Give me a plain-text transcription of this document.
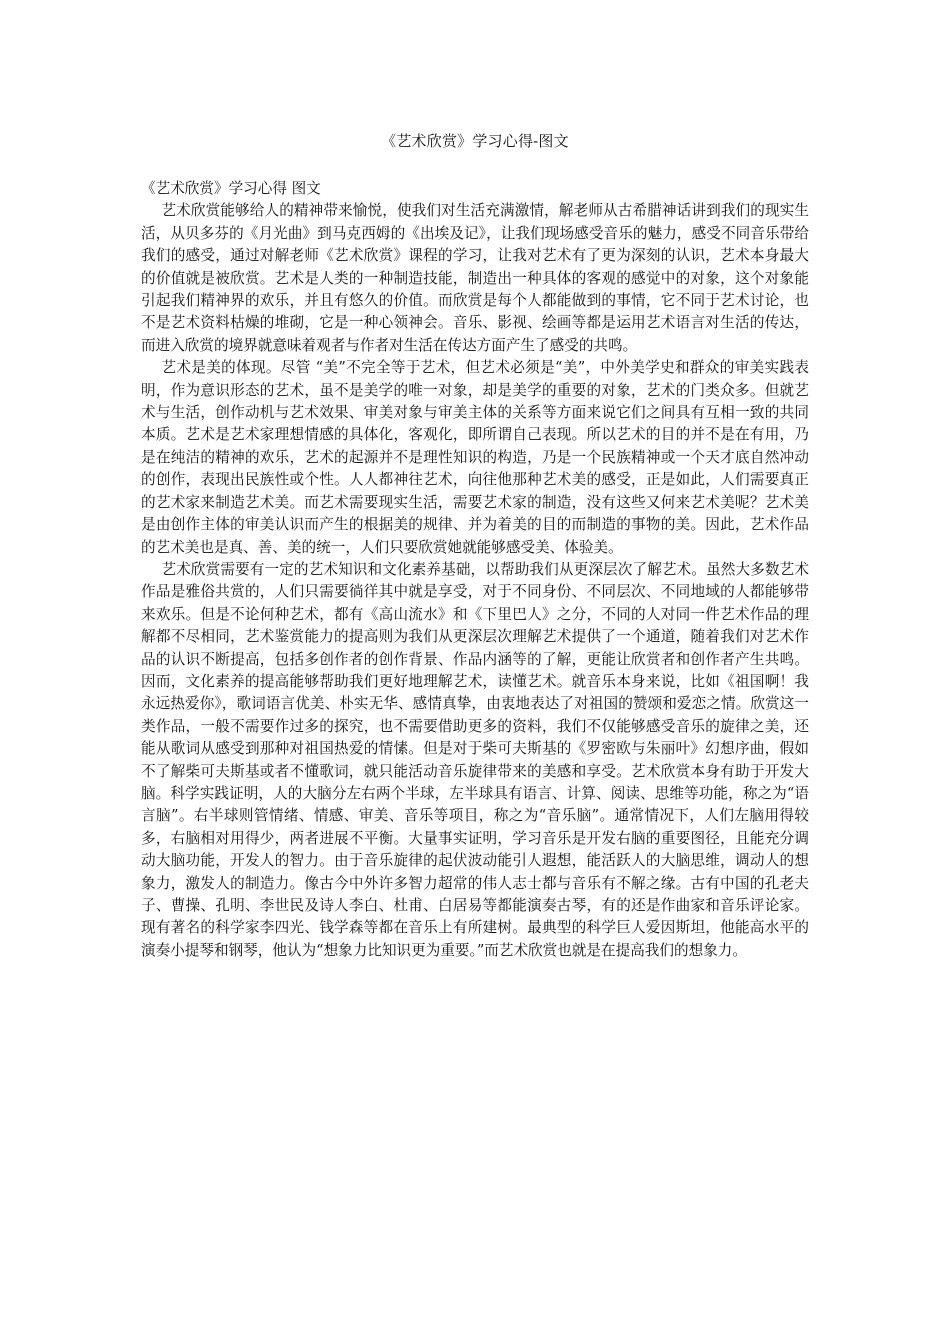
《艺术欣赏》学习心得-图文

《艺术欣赏》学习心得 图文

艺术欣赏能够给人的精神带来愉悦，使我们对生活充满激情，解老师从古希腊神话讲到我们的现实生活，从贝多芬的《月光曲》到马克西姆的《出埃及记》，让我们现场感受音乐的魅力，感受不同音乐带给我们的感受，通过对解老师《艺术欣赏》课程的学习，让我对艺术有了更为深刻的认识，艺术本身最大的价值就是被欣赏。艺术是人类的一种制造技能，制造出一种具体的客观的感觉中的对象，这个对象能引起我们精神界的欢乐，并且有悠久的价值。而欣赏是每个人都能做到的事情，它不同于艺术讨论，也不是艺术资料枯燥的堆砌，它是一种心领神会。音乐、影视、绘画等都是运用艺术语言对生活的传达，而进入欣赏的境界就意味着观者与作者对生活在传达方面产生了感受的共鸣。

艺术是美的体现。尽管 “美”不完全等于艺术，但艺术必须是“美”，中外美学史和群众的审美实践表明，作为意识形态的艺术，虽不是美学的唯一对象，却是美学的重要的对象，艺术的门类众多。但就艺术与生活，创作动机与艺术效果、审美对象与审美主体的关系等方面来说它们之间具有互相一致的共同本质。艺术是艺术家理想情感的具体化，客观化，即所谓自己表现。所以艺术的目的并不是在有用，乃是在纯洁的精神的欢乐，艺术的起源并不是理性知识的构造，乃是一个民族精神或一个天才底自然冲动的创作，表现出民族性或个性。人人都神往艺术，向往他那种艺术美的感受，正是如此，人们需要真正的艺术家来制造艺术美。而艺术需要现实生活，需要艺术家的制造，没有这些又何来艺术美呢？艺术美是由创作主体的审美认识而产生的根据美的规律、并为着美的目的而制造的事物的美。因此，艺术作品的艺术美也是真、善、美的统一，人们只要欣赏她就能够感受美、体验美。

艺术欣赏需要有一定的艺术知识和文化素养基础，以帮助我们从更深层次了解艺术。虽然大多数艺术作品是雅俗共赏的，人们只需要徜徉其中就是享受，对于不同身份、不同层次、不同地域的人都能够带来欢乐。但是不论何种艺术，都有《高山流水》和《下里巴人》之分，不同的人对同一件艺术作品的理解都不尽相同，艺术鉴赏能力的提高则为我们从更深层次理解艺术提供了一个通道，随着我们对艺术作品的认识不断提高，包括多创作者的创作背景、作品内涵等的了解，更能让欣赏者和创作者产生共鸣。因而，文化素养的提高能够帮助我们更好地理解艺术，读懂艺术。就音乐本身来说，比如《祖国啊！我永远热爱你》，歌词语言优美、朴实无华、感情真挚，由衷地表达了对祖国的赞颂和爱恋之情。欣赏这一类作品，一般不需要作过多的探究，也不需要借助更多的资料，我们不仅能够感受音乐的旋律之美，还能从歌词从感受到那种对祖国热爱的情愫。但是对于柴可夫斯基的《罗密欧与朱丽叶》幻想序曲，假如不了解柴可夫斯基或者不懂歌词，就只能活动音乐旋律带来的美感和享受。艺术欣赏本身有助于开发大脑。科学实践证明，人的大脑分左右两个半球，左半球具有语言、计算、阅读、思维等功能，称之为“语言脑”。右半球则管情绪、情感、审美、音乐等项目，称之为“音乐脑”。通常情况下，人们左脑用得较多，右脑相对用得少，两者进展不平衡。大量事实证明，学习音乐是开发右脑的重要图径，且能充分调动大脑功能，开发人的智力。由于音乐旋律的起伏波动能引人遐想，能活跃人的大脑思维，调动人的想象力，激发人的制造力。像古今中外许多智力超常的伟人志士都与音乐有不解之缘。古有中国的孔老夫子、曹操、孔明、李世民及诗人李白、杜甫、白居易等都能演奏古琴，有的还是作曲家和音乐评论家。现有著名的科学家李四光、钱学森等都在音乐上有所建树。最典型的科学巨人爱因斯坦，他能高水平的演奏小提琴和钢琴，他认为“想象力比知识更为重要。”而艺术欣赏也就是在提高我们的想象力。
